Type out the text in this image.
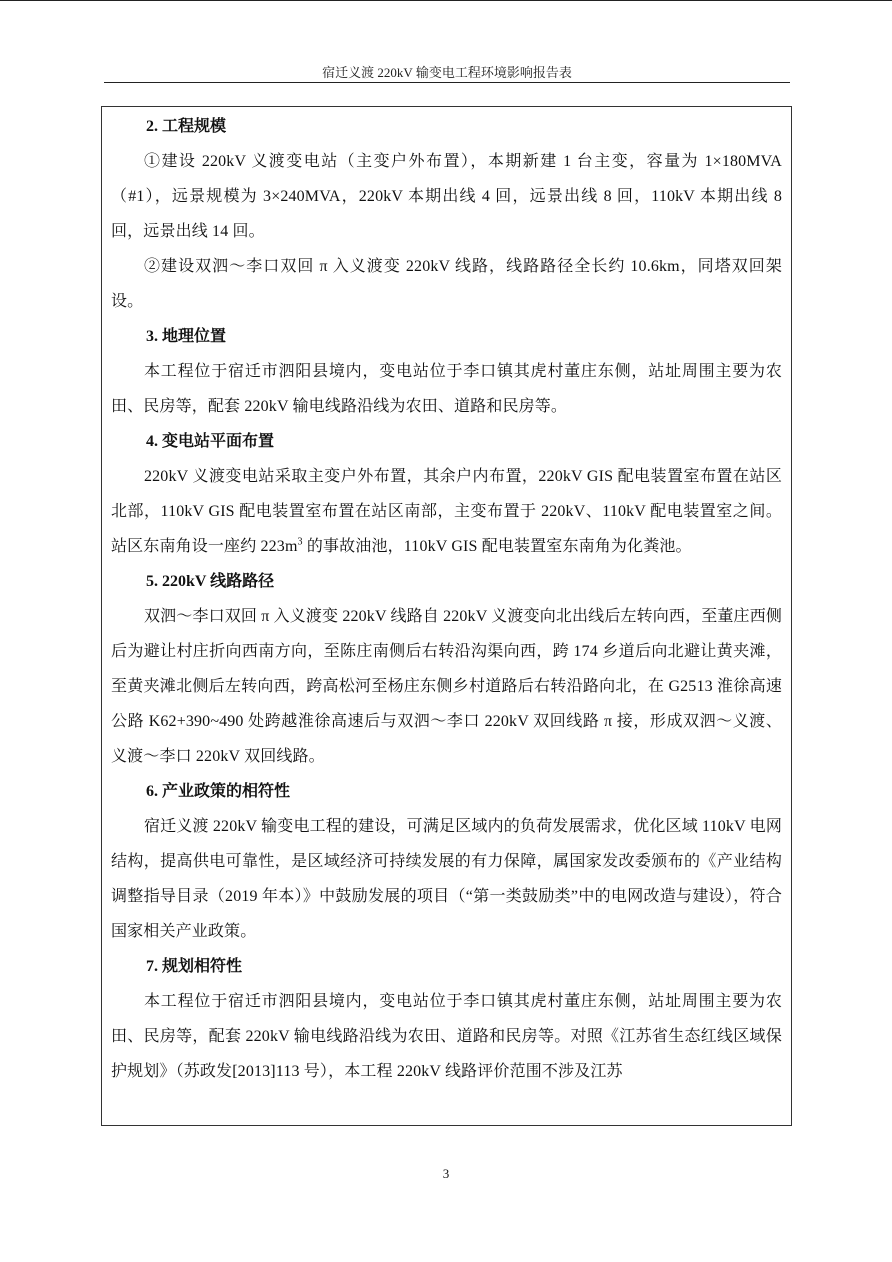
宿迁义渡 220kV 输变电工程环境影响报告表

2. 工程规模

①建设 220kV 义渡变电站（主变户外布置），本期新建 1 台主变，容量为 1×180MVA（#1），远景规模为 3×240MVA，220kV 本期出线 4 回，远景出线 8 回，110kV 本期出线 8 回，远景出线 14 回。

②建设双泗～李口双回 π 入义渡变 220kV 线路，线路路径全长约 10.6km，同塔双回架设。

3. 地理位置

本工程位于宿迁市泗阳县境内，变电站位于李口镇其虎村董庄东侧，站址周围主要为农田、民房等，配套 220kV 输电线路沿线为农田、道路和民房等。

4. 变电站平面布置

220kV 义渡变电站采取主变户外布置，其余户内布置，220kV GIS 配电装置室布置在站区北部，110kV GIS 配电装置室布置在站区南部，主变布置于 220kV、110kV 配电装置室之间。站区东南角设一座约 $223m^3$ 的事故油池，110kV GIS 配电装置室东南角为化粪池。

5. 220kV 线路路径

双泗～李口双回 π 入义渡变 220kV 线路自 220kV 义渡变向北出线后左转向西，至董庄西侧后为避让村庄折向西南方向，至陈庄南侧后右转沿沟渠向西，跨 174 乡道后向北避让黄夹滩，至黄夹滩北侧后左转向西，跨高松河至杨庄东侧乡村道路后右转沿路向北，在 G2513 淮徐高速公路 K62+390~490 处跨越淮徐高速后与双泗～李口 220kV 双回线路 π 接，形成双泗～义渡、义渡～李口 220kV 双回线路。

6. 产业政策的相符性

宿迁义渡 220kV 输变电工程的建设，可满足区域内的负荷发展需求，优化区域 110kV 电网结构，提高供电可靠性，是区域经济可持续发展的有力保障，属国家发改委颁布的《产业结构调整指导目录（2019 年本）》中鼓励发展的项目（“第一类鼓励类”中的电网改造与建设），符合国家相关产业政策。

7. 规划相符性

本工程位于宿迁市泗阳县境内，变电站位于李口镇其虎村董庄东侧，站址周围主要为农田、民房等，配套 220kV 输电线路沿线为农田、道路和民房等。对照《江苏省生态红线区域保护规划》（苏政发[2013]113 号），本工程 220kV 线路评价范围不涉及江苏

3
